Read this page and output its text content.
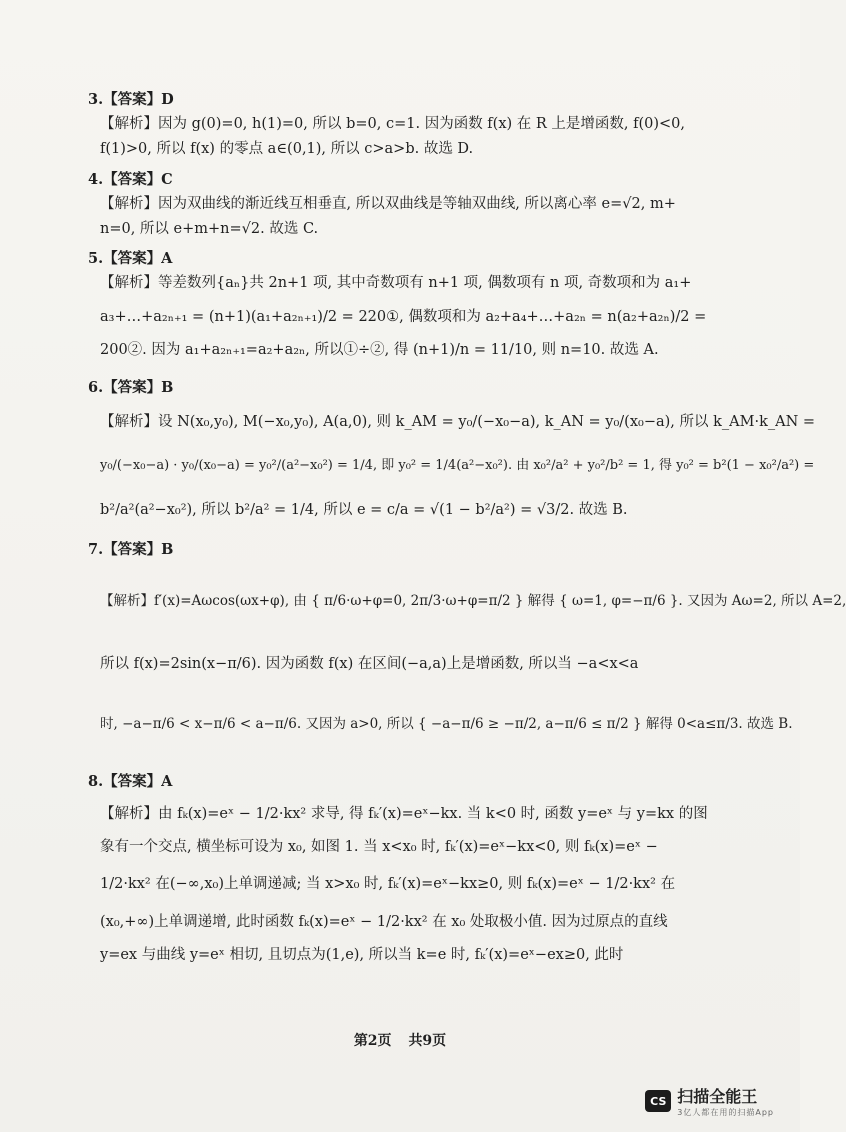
3.【答案】D
【解析】因为 g(0)=0, h(1)=0, 所以 b=0, c=1. 因为函数 f(x) 在 R 上是增函数, f(0)<0,
f(1)>0, 所以 f(x) 的零点 a∈(0,1), 所以 c>a>b. 故选 D.
4.【答案】C
【解析】因为双曲线的渐近线互相垂直, 所以双曲线是等轴双曲线, 所以离心率 e=√2, m+
n=0, 所以 e+m+n=√2. 故选 C.
5.【答案】A
【解析】等差数列{aₙ}共 2n+1 项, 其中奇数项有 n+1 项, 偶数项有 n 项, 奇数项和为 a₁+
a₃+…+a₂ₙ₊₁ = (n+1)(a₁+a₂ₙ₊₁)/2 = 220①, 偶数项和为 a₂+a₄+…+a₂ₙ = n(a₂+a₂ₙ)/2 =
200②. 因为 a₁+a₂ₙ₊₁=a₂+a₂ₙ, 所以①÷②, 得 (n+1)/n = 11/10, 则 n=10. 故选 A.
6.【答案】B
【解析】设 N(x₀,y₀), M(−x₀,y₀), A(a,0), 则 k_AM = y₀/(−x₀−a), k_AN = y₀/(x₀−a), 所以 k_AM·k_AN =
y₀/(−x₀−a) · y₀/(x₀−a) = y₀²/(a²−x₀²) = 1/4, 即 y₀² = 1/4(a²−x₀²). 由 x₀²/a² + y₀²/b² = 1, 得 y₀² = b²(1 − x₀²/a²) =
b²/a²(a²−x₀²), 所以 b²/a² = 1/4, 所以 e = c/a = √(1 − b²/a²) = √3/2. 故选 B.
7.【答案】B
【解析】f′(x)=Aωcos(ωx+φ), 由 { π/6·ω+φ=0, 2π/3·ω+φ=π/2 } 解得 { ω=1, φ=−π/6 }. 又因为 Aω=2, 所以 A=2,
所以 f(x)=2sin(x−π/6). 因为函数 f(x) 在区间(−a,a)上是增函数, 所以当 −a<x<a
时, −a−π/6 < x−π/6 < a−π/6. 又因为 a>0, 所以 { −a−π/6 ≥ −π/2, a−π/6 ≤ π/2 } 解得 0<a≤π/3. 故选 B.
8.【答案】A
【解析】由 fₖ(x)=eˣ − 1/2·kx² 求导, 得 fₖ′(x)=eˣ−kx. 当 k<0 时, 函数 y=eˣ 与 y=kx 的图
象有一个交点, 横坐标可设为 x₀, 如图 1. 当 x<x₀ 时, fₖ′(x)=eˣ−kx<0, 则 fₖ(x)=eˣ −
1/2·kx² 在(−∞,x₀)上单调递减; 当 x>x₀ 时, fₖ′(x)=eˣ−kx≥0, 则 fₖ(x)=eˣ − 1/2·kx² 在
(x₀,+∞)上单调递增, 此时函数 fₖ(x)=eˣ − 1/2·kx² 在 x₀ 处取极小值. 因为过原点的直线
y=ex 与曲线 y=eˣ 相切, 且切点为(1,e), 所以当 k=e 时, fₖ′(x)=eˣ−ex≥0, 此时
第2页 共9页
CS 扫描全能王
3亿人都在用的扫描App
